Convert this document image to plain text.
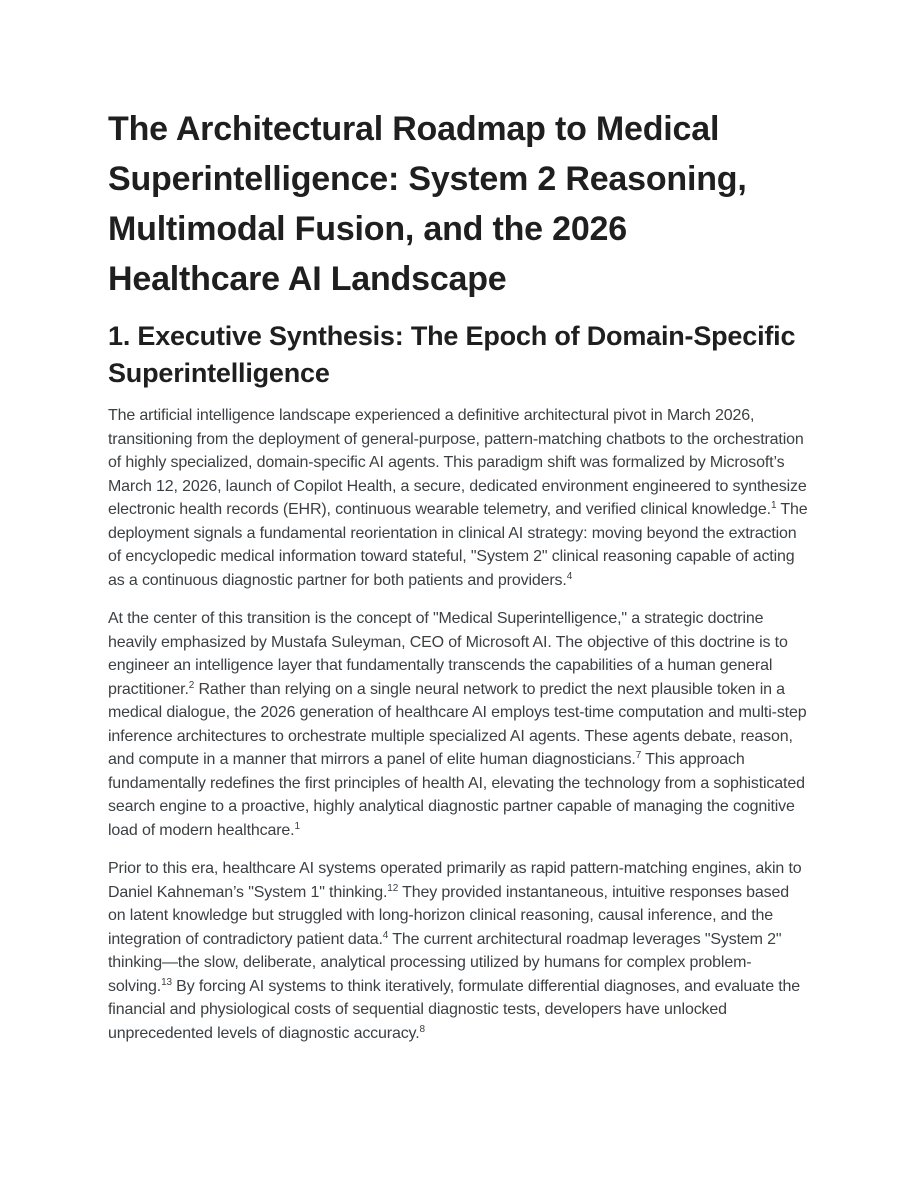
The Architectural Roadmap to Medical
Superintelligence: System 2 Reasoning,
Multimodal Fusion, and the 2026
Healthcare AI Landscape
1. Executive Synthesis: The Epoch of Domain-Specific
Superintelligence

The artificial intelligence landscape experienced a definitive architectural pivot in March 2026, transitioning from the deployment of general-purpose, pattern-matching chatbots to the orchestration of highly specialized, domain-specific AI agents. This paradigm shift was formalized by Microsoft’s March 12, 2026, launch of Copilot Health, a secure, dedicated environment engineered to synthesize electronic health records (EHR), continuous wearable telemetry, and verified clinical knowledge.$^1$ The deployment signals a fundamental reorientation in clinical AI strategy: moving beyond the extraction of encyclopedic medical information toward stateful, "System 2" clinical reasoning capable of acting as a continuous diagnostic partner for both patients and providers.$^4$

At the center of this transition is the concept of "Medical Superintelligence," a strategic doctrine heavily emphasized by Mustafa Suleyman, CEO of Microsoft AI. The objective of this doctrine is to engineer an intelligence layer that fundamentally transcends the capabilities of a human general practitioner.$^2$ Rather than relying on a single neural network to predict the next plausible token in a medical dialogue, the 2026 generation of healthcare AI employs test-time computation and multi-step inference architectures to orchestrate multiple specialized AI agents. These agents debate, reason, and compute in a manner that mirrors a panel of elite human diagnosticians.$^7$ This approach fundamentally redefines the first principles of health AI, elevating the technology from a sophisticated search engine to a proactive, highly analytical diagnostic partner capable of managing the cognitive load of modern healthcare.$^1$

Prior to this era, healthcare AI systems operated primarily as rapid pattern-matching engines, akin to Daniel Kahneman’s "System 1" thinking.$^{12}$ They provided instantaneous, intuitive responses based on latent knowledge but struggled with long-horizon clinical reasoning, causal inference, and the integration of contradictory patient data.$^4$ The current architectural roadmap leverages "System 2" thinking—the slow, deliberate, analytical processing utilized by humans for complex problem-solving.$^{13}$ By forcing AI systems to think iteratively, formulate differential diagnoses, and evaluate the financial and physiological costs of sequential diagnostic tests, developers have unlocked unprecedented levels of diagnostic accuracy.$^8$
